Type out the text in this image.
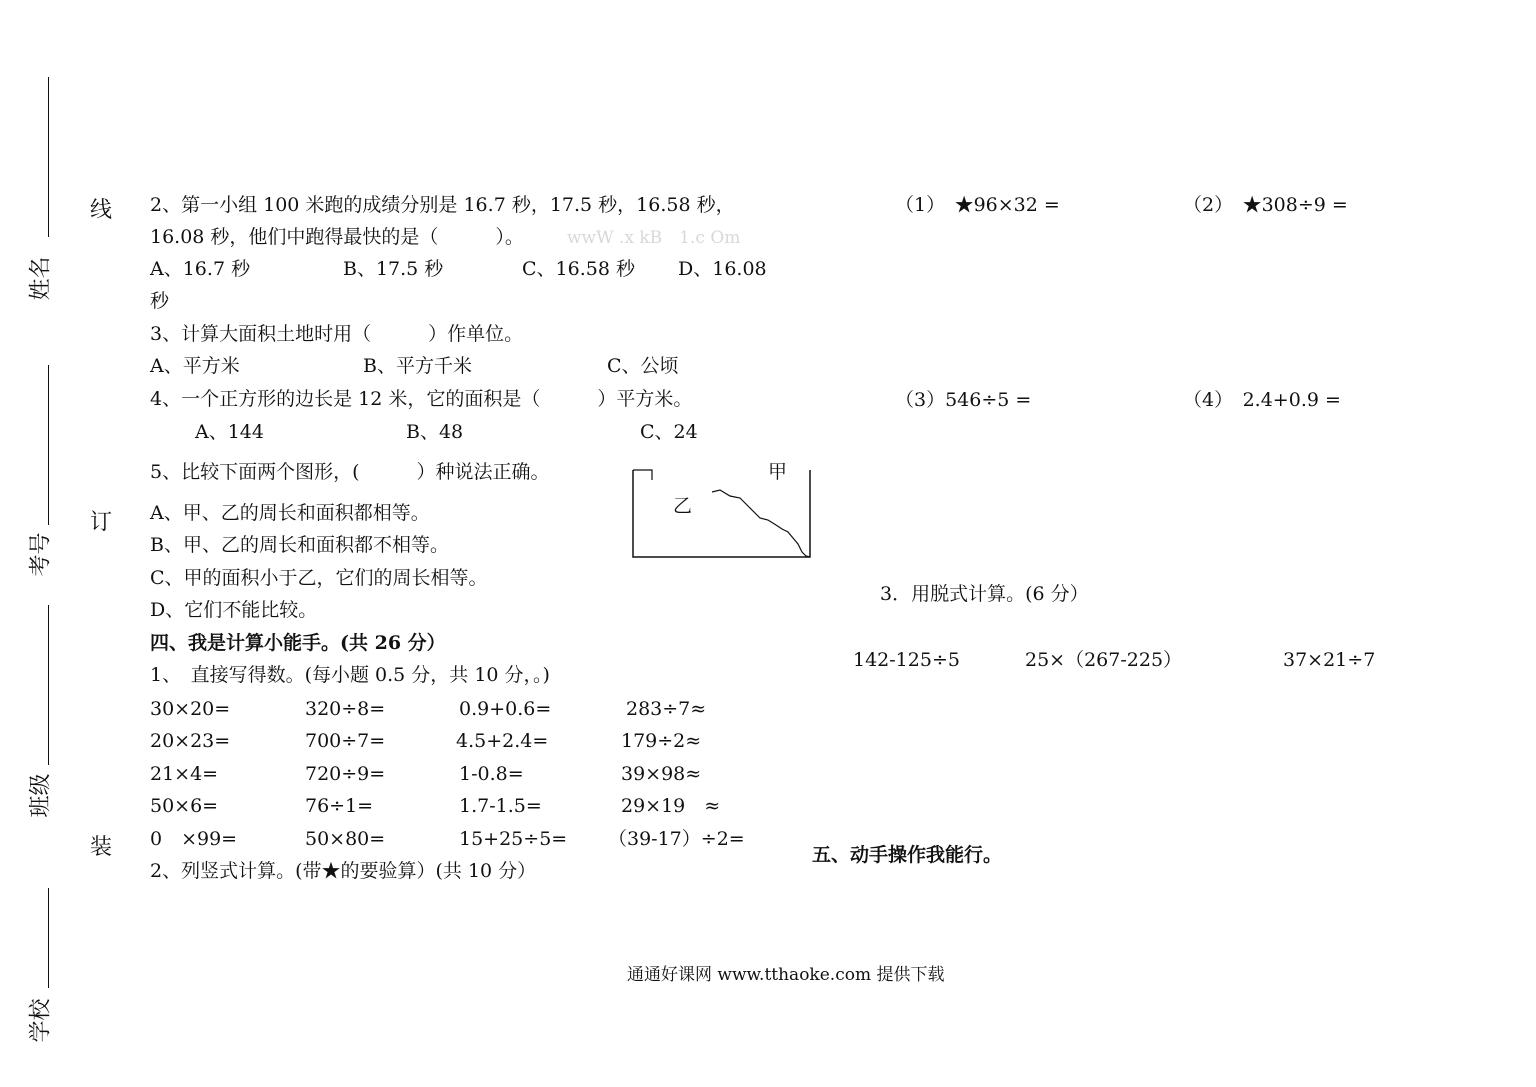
姓名
考号
班级
学校
线
订
装
2、第一小组 100 米跑的成绩分别是 16.7 秒，17.5 秒，16.58 秒，
16.08 秒，他们中跑得最快的是（　　　）。	wwW .x kB　1.c Om
A、16.7 秒	B、17.5 秒	C、16.58 秒 D、16.08
秒
3、计算大面积土地时用（　　　）作单位。
A、平方米	B、平方千米	C、公顷
4、一个正方形的边长是 12 米，它的面积是（　　　）平方米。
A、144	B、48	C、24
5、比较下面两个图形，(　　　）种说法正确。
A、甲、乙的周长和面积都相等。
B、甲、乙的周长和面积都不相等。
C、甲的面积小于乙，它们的周长相等。
D、它们不能比较。
甲
乙
四、我是计算小能手。(共 26 分）
1、　直接写得数。(每小题 0.5 分，共 10 分，。)
30×20=	320÷8=	0.9+0.6=	283÷7≈
20×23=	700÷7=	4.5+2.4=	179÷2≈
21×4=	720÷9=	1-0.8=	39×98≈
50×6=	76÷1=	1.7-1.5=	29×19　≈
0　×99=	50×80=	15+25÷5= （39-17）÷2=
2、列竖式计算。(带★的要验算）(共 10 分）
（1）　★96×32 =	（2）　★308÷9 =
（3）546÷5 =	（4）　2.4+0.9 =
3．用脱式计算。(6 分）
142-125÷5	25×（267-225）	37×21÷7
五、动手操作我能行。
通通好课网 www.tthaoke.com 提供下载
